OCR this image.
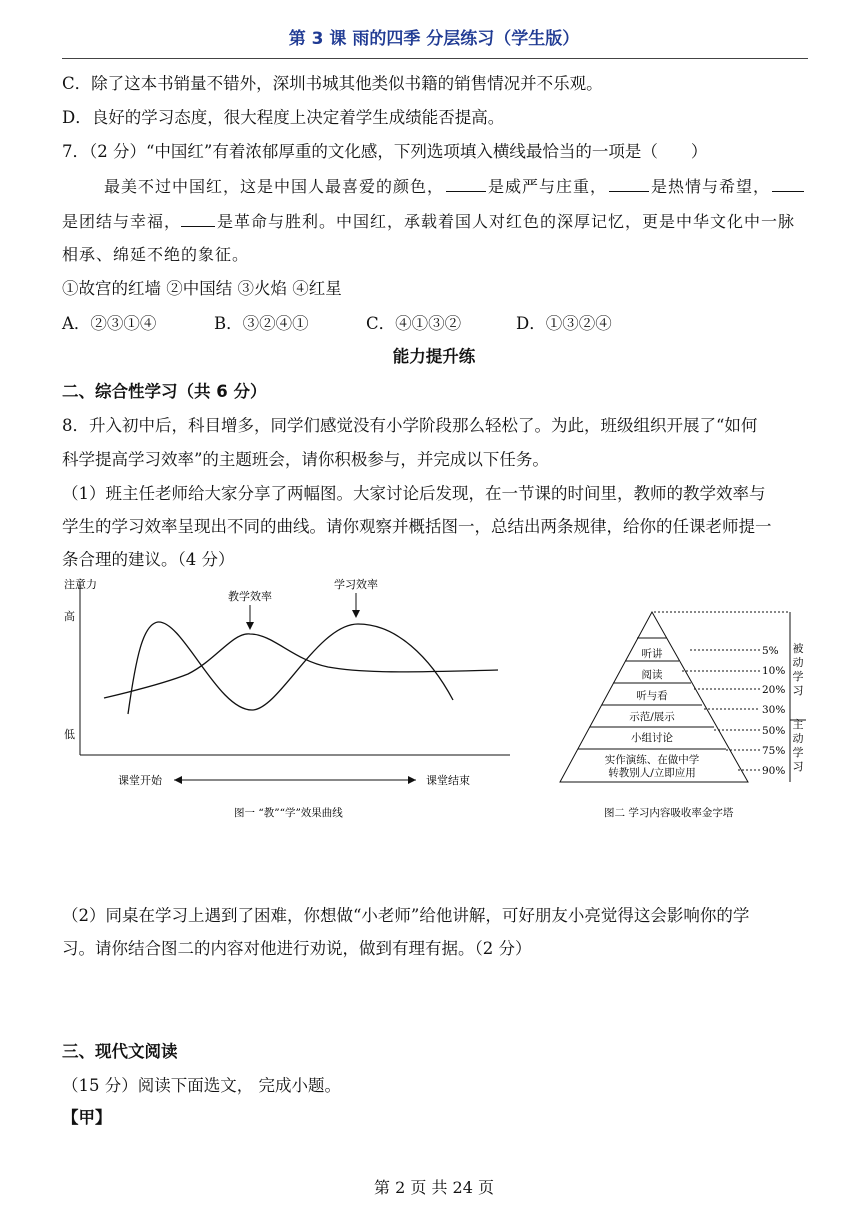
第 3 课 雨的四季 分层练习（学生版）
C．除了这本书销量不错外，深圳书城其他类似书籍的销售情况并不乐观。
D．良好的学习态度，很大程度上决定着学生成绩能否提高。
7．（2 分）“中国红”有着浓郁厚重的文化感，下列选项填入横线最恰当的一项是（　　）
最美不过中国红，这是中国人最喜爱的颜色，	是威严与庄重，	是热情与希望，
是团结与幸福， 是革命与胜利。中国红，承载着国人对红色的深厚记忆，更是中华文化中一脉
相承、绵延不绝的象征。
①故宫的红墙 ②中国结 ③火焰 ④红星
A．②③①④	B．③②④①	C．④①③②	D．①③②④
能力提升练
二、综合性学习（共 6 分）
8．升入初中后，科目增多，同学们感觉没有小学阶段那么轻松了。为此，班级组织开展了“如何
科学提高学习效率”的主题班会，请你积极参与，并完成以下任务。
（1）班主任老师给大家分享了两幅图。大家讨论后发现，在一节课的时间里，教师的教学效率与
学生的学习效率呈现出不同的曲线。请你观察并概括图一，总结出两条规律，给你的任课老师提一
条合理的建议。（4 分）
注意力
高
低
教学效率
学习效率
课堂开始	课堂结束
图一 “教”“学”效果曲线
听讲
阅读
听与看
示范/展示
小组讨论
实作演练、在做中学
转教别人/立即应用
5%
10%
20%
30%
50%
75%
90%
被动学习
主动学习
图二 学习内容吸收率金字塔
（2）同桌在学习上遇到了困难，你想做“小老师”给他讲解，可好朋友小亮觉得这会影响你的学
习。请你结合图二的内容对他进行劝说，做到有理有据。（2 分）
三、现代文阅读
（15 分）阅读下面选文， 完成小题。
【甲】
第 2 页 共 24 页
